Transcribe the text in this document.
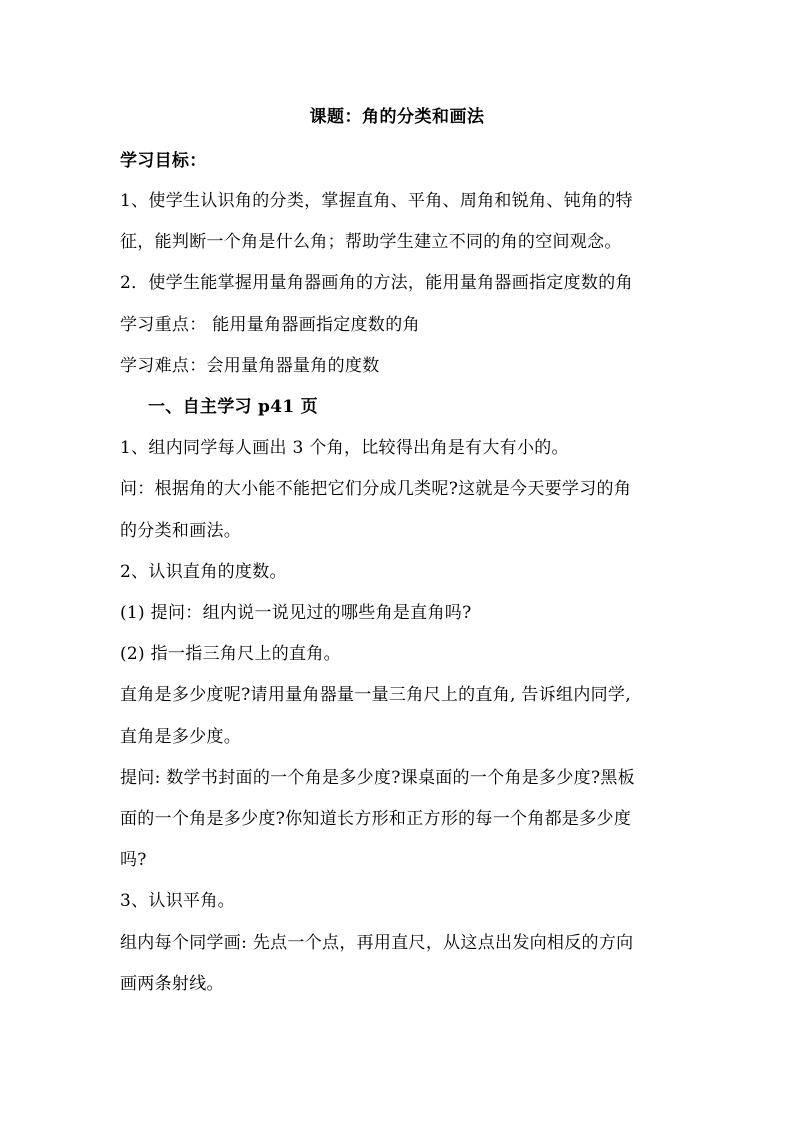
课题：角的分类和画法
学习目标：
1、使学生认识角的分类，掌握直角、平角、周角和锐角、钝角的特
征，能判断一个角是什么角；帮助学生建立不同的角的空间观念。
2．使学生能掌握用量角器画角的方法，能用量角器画指定度数的角
学习重点： 能用量角器画指定度数的角
学习难点：会用量角器量角的度数
一、自主学习 p41 页
1、组内同学每人画出 3 个角，比较得出角是有大有小的。
问：根据角的大小能不能把它们分成几类呢?这就是今天要学习的角
的分类和画法。
2、认识直角的度数。
(1) 提问：组内说一说见过的哪些角是直角吗?
(2) 指一指三角尺上的直角。
直角是多少度呢?请用量角器量一量三角尺上的直角, 告诉组内同学,
直角是多少度。
提问: 数学书封面的一个角是多少度?课桌面的一个角是多少度?黑板
面的一个角是多少度?你知道长方形和正方形的每一个角都是多少度
吗?
3、认识平角。
组内每个同学画: 先点一个点，再用直尺，从这点出发向相反的方向
画两条射线。
